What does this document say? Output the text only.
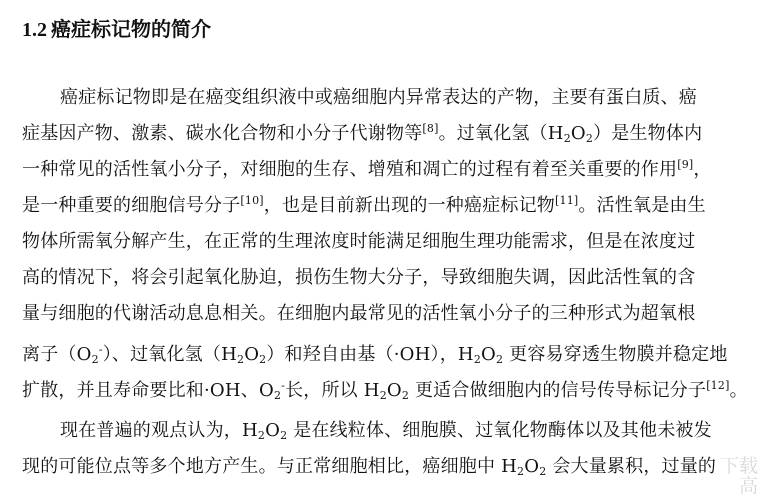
1.2 癌症标记物的简介
癌症标记物即是在癌变组织液中或癌细胞内异常表达的产物，主要有蛋白质、癌
症基因产物、激素、碳水化合物和小分子代谢物等[8]。过氧化氢$(H_2O_2)$是生物体内
一种常见的活性氧小分子，对细胞的生存、增殖和凋亡的过程有着至关重要的作用[9]，
是一种重要的细胞信号分子[10]，也是目前新出现的一种癌症标记物[11]。活性氧是由生
物体所需氧分解产生，在正常的生理浓度时能满足细胞生理功能需求，但是在浓度过
高的情况下，将会引起氧化胁迫，损伤生物大分子，导致细胞失调，因此活性氧的含
量与细胞的代谢活动息息相关。在细胞内最常见的活性氧小分子的三种形式为超氧根
离子$(O_2^-)$、过氧化氢$(H_2O_2)$和羟自由基（·OH），$H_2O_2$ 更容易穿透生物膜并稳定地
扩散，并且寿命要比和·OH、$O_2^-$长，所以 $H_2O_2$ 更适合做细胞内的信号传导标记分子[12]。
现在普遍的观点认为，$H_2O_2$ 是在线粒体、细胞膜、过氧化物酶体以及其他未被发
现的可能位点等多个地方产生。与正常细胞相比，癌细胞中 $H_2O_2$ 会大量累积，过量的 下载高
